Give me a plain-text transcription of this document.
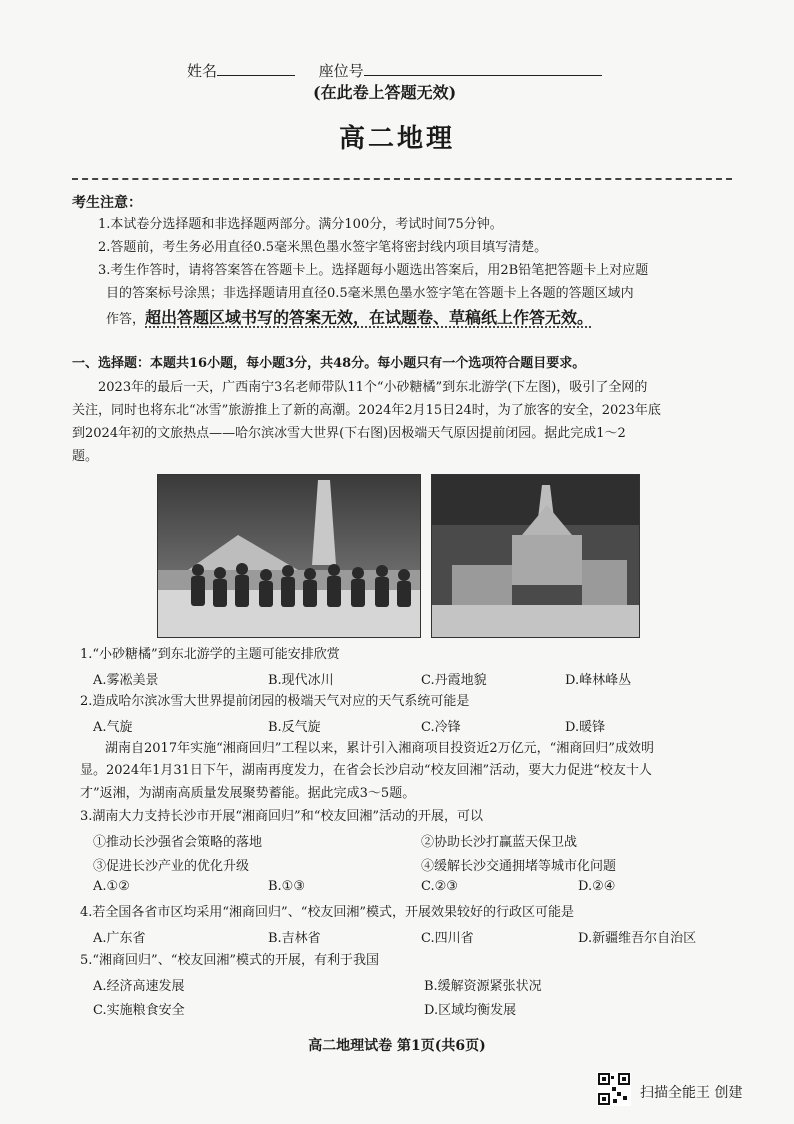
姓名	座位号
(在此卷上答题无效)
高二地理
考生注意：
1.本试卷分选择题和非选择题两部分。满分100分，考试时间75分钟。
2.答题前，考生务必用直径0.5毫米黑色墨水签字笔将密封线内项目填写清楚。
3.考生作答时，请将答案答在答题卡上。选择题每小题选出答案后，用2B铅笔把答题卡上对应题
目的答案标号涂黑；非选择题请用直径0.5毫米黑色墨水签字笔在答题卡上各题的答题区域内
作答，超出答题区域书写的答案无效，在试题卷、草稿纸上作答无效。
一、选择题：本题共16小题，每小题3分，共48分。每小题只有一个选项符合题目要求。
2023年的最后一天，广西南宁3名老师带队11个“小砂糖橘”到东北游学(下左图)，吸引了全网的
关注，同时也将东北“冰雪”旅游推上了新的高潮。2024年2月15日24时，为了旅客的安全，2023年底
到2024年初的文旅热点——哈尔滨冰雪大世界(下右图)因极端天气原因提前闭园。据此完成1～2
题。
1.“小砂糖橘”到东北游学的主题可能安排欣赏
A.雾凇美景	B.现代冰川	C.丹霞地貌	D.峰林峰丛
2.造成哈尔滨冰雪大世界提前闭园的极端天气对应的天气系统可能是
A.气旋	B.反气旋	C.冷锋	D.暖锋
湖南自2017年实施“湘商回归”工程以来，累计引入湘商项目投资近2万亿元，“湘商回归”成效明
显。2024年1月31日下午，湖南再度发力，在省会长沙启动“校友回湘”活动，要大力促进“校友十人
才”返湘，为湖南高质量发展聚势蓄能。据此完成3～5题。
3.湖南大力支持长沙市开展“湘商回归”和“校友回湘”活动的开展，可以
①推动长沙强省会策略的落地	②协助长沙打赢蓝天保卫战
③促进长沙产业的优化升级	④缓解长沙交通拥堵等城市化问题
A.①②	B.①③	C.②③	D.②④
4.若全国各省市区均采用“湘商回归”、“校友回湘”模式，开展效果较好的行政区可能是
A.广东省	B.吉林省	C.四川省	D.新疆维吾尔自治区
5.“湘商回归”、“校友回湘”模式的开展，有利于我国
A.经济高速发展	B.缓解资源紧张状况
C.实施粮食安全	D.区域均衡发展
高二地理试卷 第1页(共6页)
扫描全能王 创建
